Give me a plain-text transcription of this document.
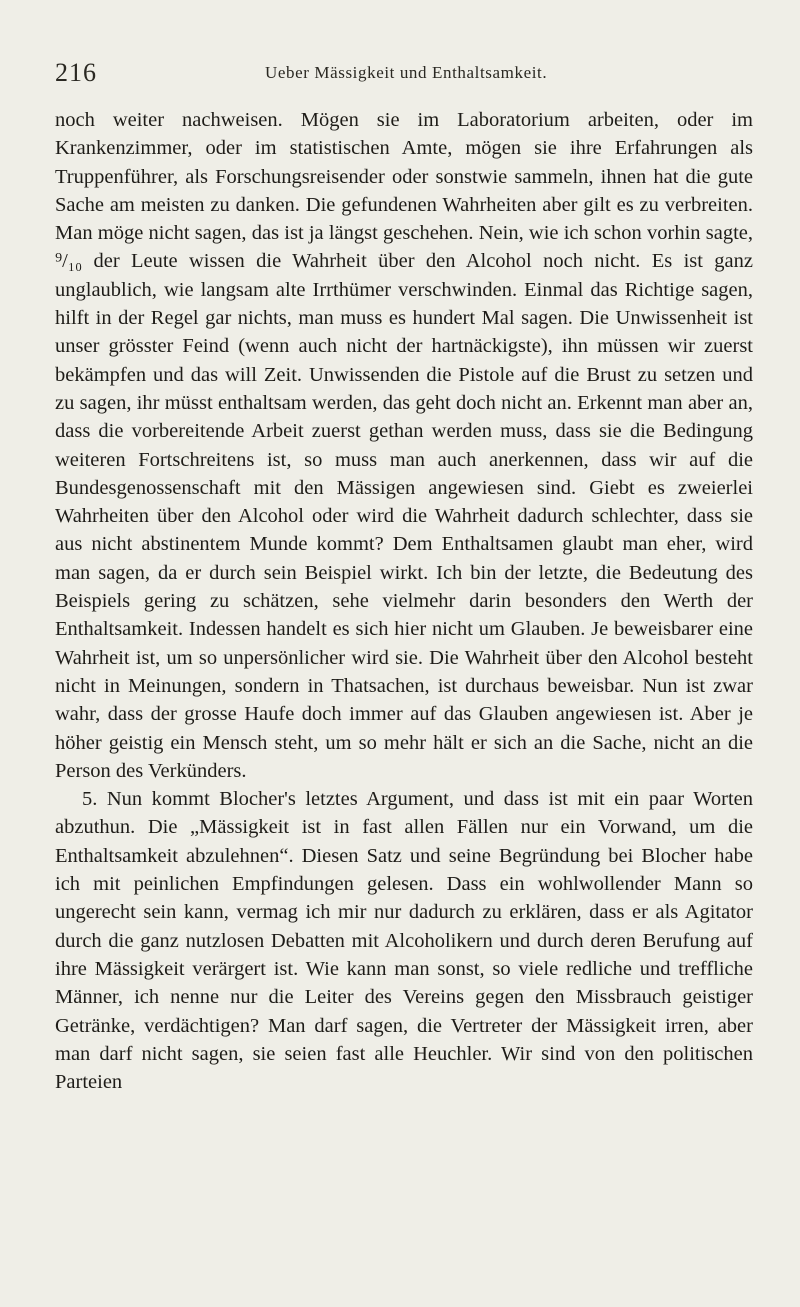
216	Ueber Mässigkeit und Enthaltsamkeit.

noch weiter nachweisen. Mögen sie im Laboratorium arbeiten, oder im Krankenzimmer, oder im statistischen Amte, mögen sie ihre Erfahrungen als Truppenführer, als Forschungsreisender oder sonstwie sammeln, ihnen hat die gute Sache am meisten zu danken. Die gefundenen Wahrheiten aber gilt es zu verbreiten. Man möge nicht sagen, das ist ja längst geschehen. Nein, wie ich schon vorhin sagte, ⁹/₁₀ der Leute wissen die Wahrheit über den Alcohol noch nicht. Es ist ganz unglaublich, wie langsam alte Irrthümer verschwinden. Einmal das Richtige sagen, hilft in der Regel gar nichts, man muss es hundert Mal sagen. Die Unwissenheit ist unser grösster Feind (wenn auch nicht der hartnäckigste), ihn müssen wir zuerst bekämpfen und das will Zeit. Unwissenden die Pistole auf die Brust zu setzen und zu sagen, ihr müsst enthaltsam werden, das geht doch nicht an. Erkennt man aber an, dass die vorbereitende Arbeit zuerst gethan werden muss, dass sie die Bedingung weiteren Fortschreitens ist, so muss man auch anerkennen, dass wir auf die Bundesgenossenschaft mit den Mässigen angewiesen sind. Giebt es zweierlei Wahrheiten über den Alcohol oder wird die Wahrheit dadurch schlechter, dass sie aus nicht abstinentem Munde kommt? Dem Enthaltsamen glaubt man eher, wird man sagen, da er durch sein Beispiel wirkt. Ich bin der letzte, die Bedeutung des Beispiels gering zu schätzen, sehe vielmehr darin besonders den Werth der Enthaltsamkeit. Indessen handelt es sich hier nicht um Glauben. Je beweisbarer eine Wahrheit ist, um so unpersönlicher wird sie. Die Wahrheit über den Alcohol besteht nicht in Meinungen, sondern in Thatsachen, ist durchaus beweisbar. Nun ist zwar wahr, dass der grosse Haufe doch immer auf das Glauben angewiesen ist. Aber je höher geistig ein Mensch steht, um so mehr hält er sich an die Sache, nicht an die Person des Verkünders.

5. Nun kommt Blocher's letztes Argument, und dass ist mit ein paar Worten abzuthun. Die „Mässigkeit ist in fast allen Fällen nur ein Vorwand, um die Enthaltsamkeit abzulehnen“. Diesen Satz und seine Begründung bei Blocher habe ich mit peinlichen Empfindungen gelesen. Dass ein wohlwollender Mann so ungerecht sein kann, vermag ich mir nur dadurch zu erklären, dass er als Agitator durch die ganz nutzlosen Debatten mit Alcoholikern und durch deren Berufung auf ihre Mässigkeit verärgert ist. Wie kann man sonst, so viele redliche und treffliche Männer, ich nenne nur die Leiter des Vereins gegen den Missbrauch geistiger Getränke, verdächtigen? Man darf sagen, die Vertreter der Mässigkeit irren, aber man darf nicht sagen, sie seien fast alle Heuchler. Wir sind von den politischen Parteien
